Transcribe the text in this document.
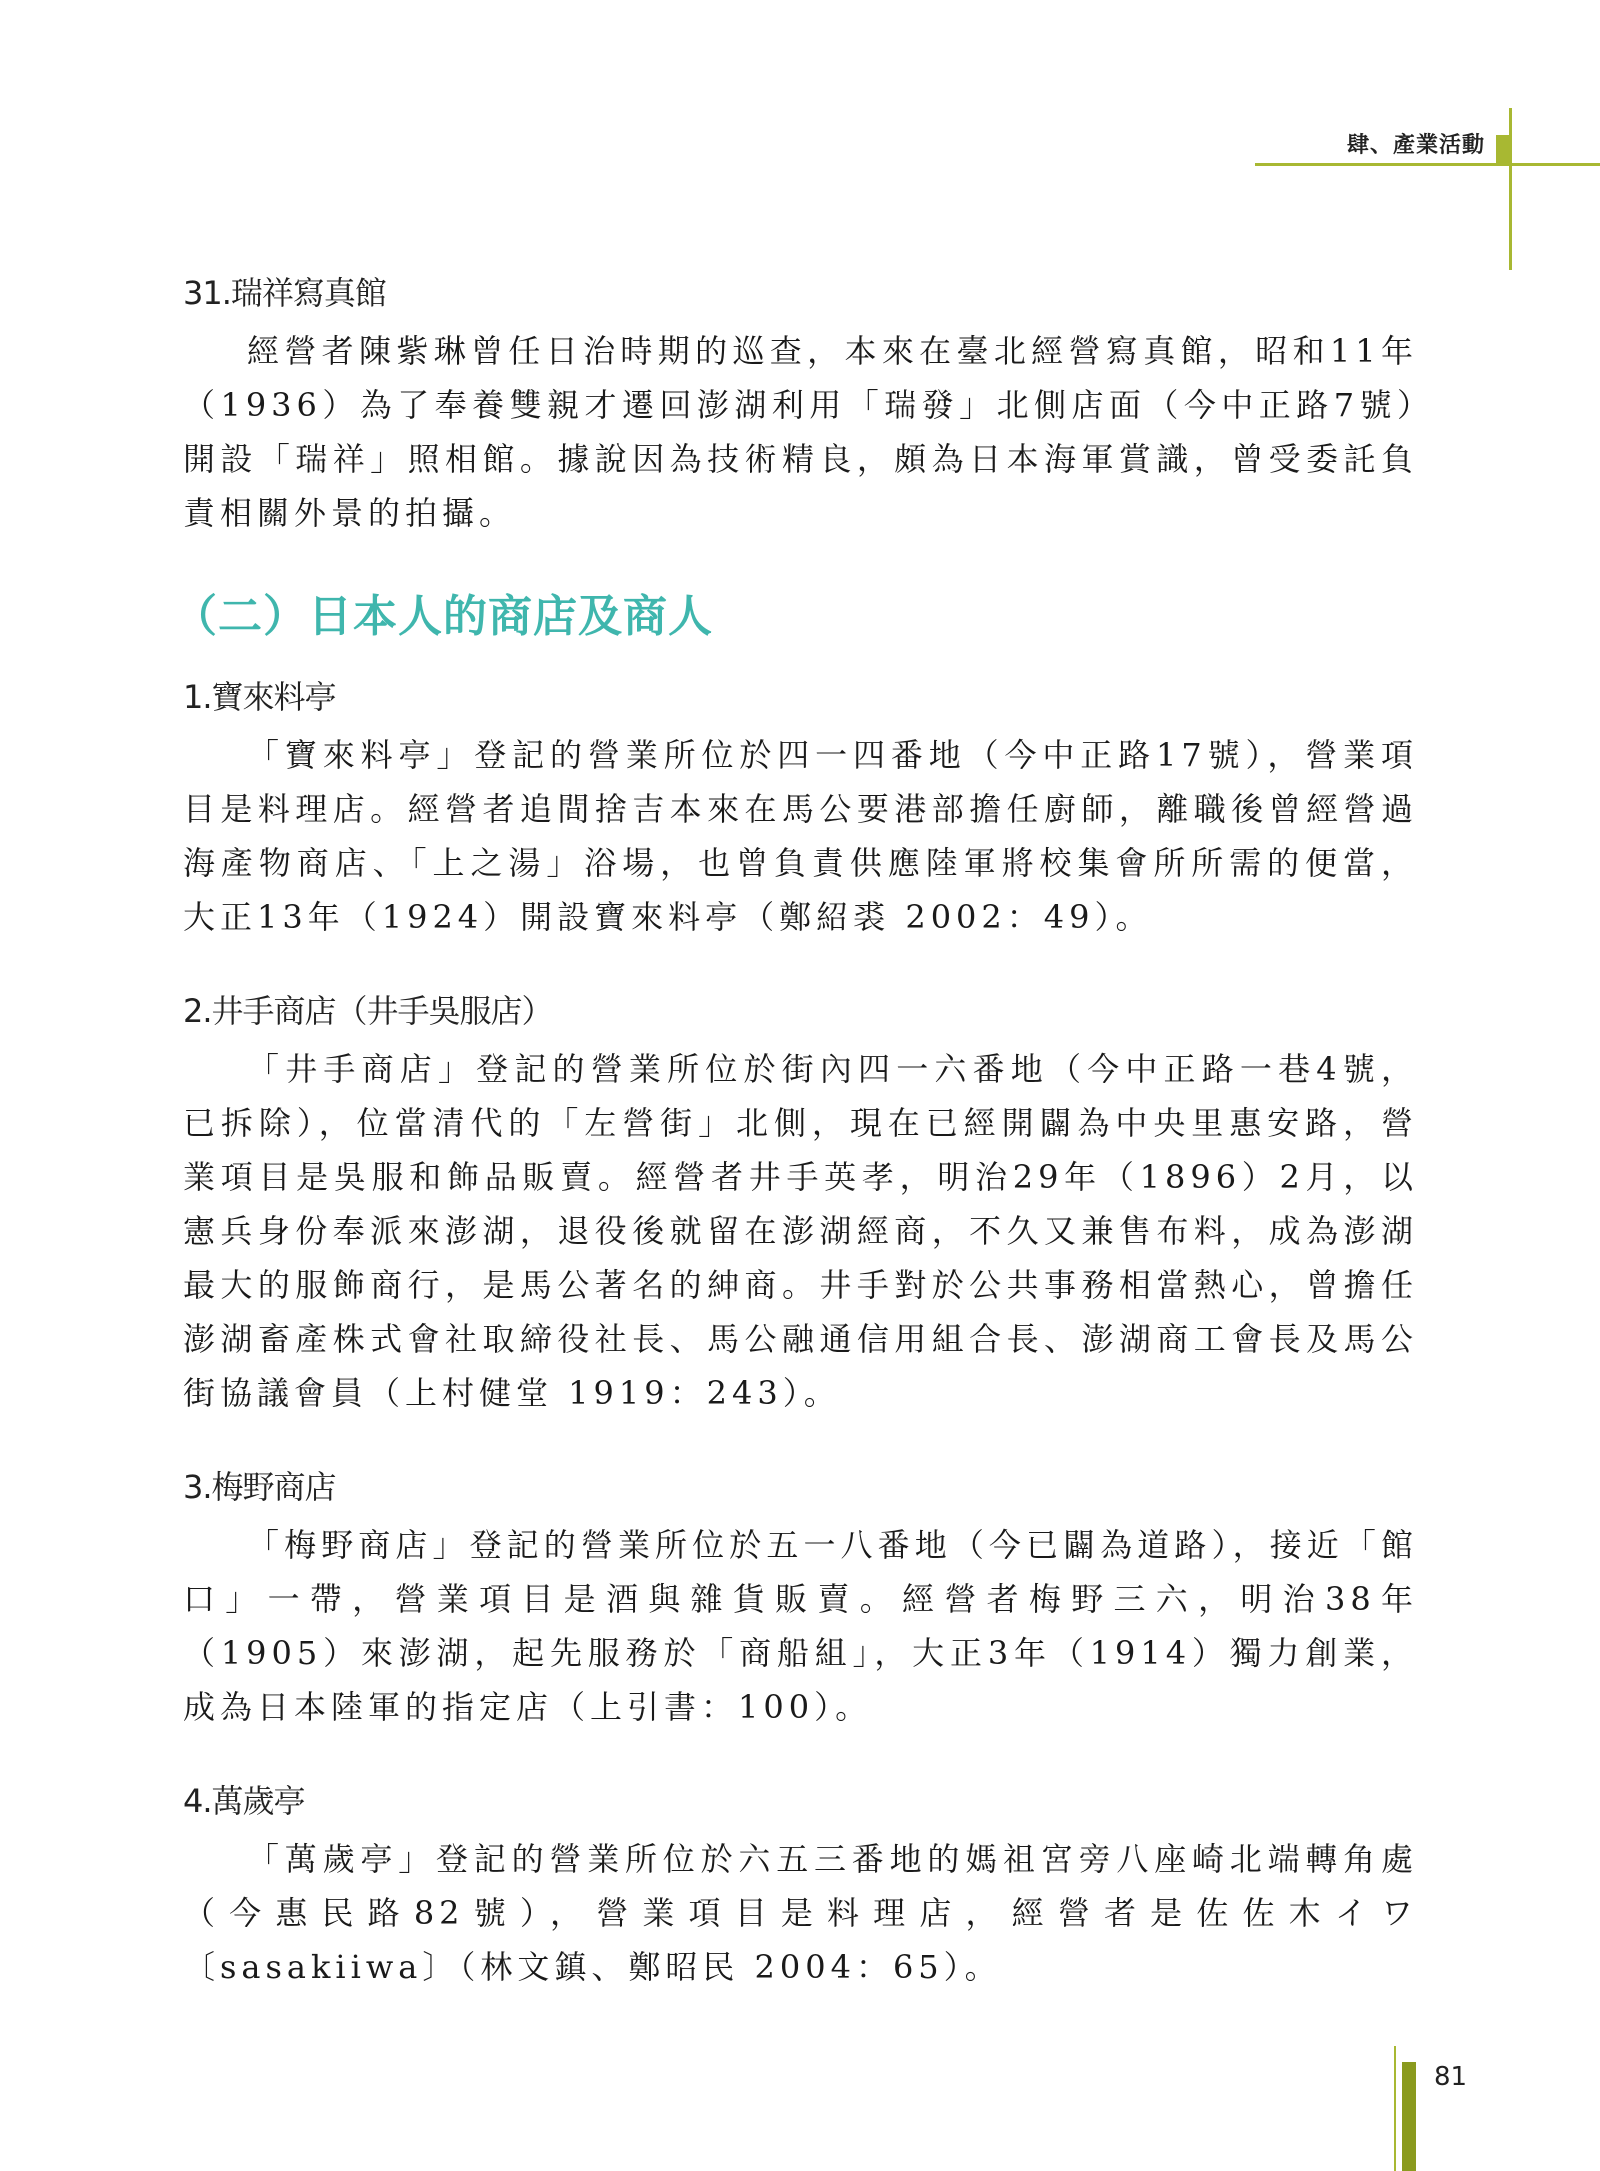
肆、產業活動
31.瑞祥寫真館

經營者陳紫琳曾任日治時期的巡查，本來在臺北經營寫真館，昭和11年（1936）為了奉養雙親才遷回澎湖利用「瑞發」北側店面（今中正路7號）開設「瑞祥」照相館。據說因為技術精良，頗為日本海軍賞識，曾受委託負責相關外景的拍攝。

（二）日本人的商店及商人
1.寶來料亭

「寶來料亭」登記的營業所位於四一四番地（今中正路17號），營業項目是料理店。經營者追間捨吉本來在馬公要港部擔任廚師，離職後曾經營過海產物商店、「上之湯」浴場，也曾負責供應陸軍將校集會所所需的便當，大正13年（1924）開設寶來料亭（鄭紹裘 2002：49）。

2.井手商店（井手吳服店）

「井手商店」登記的營業所位於街內四一六番地（今中正路一巷4號，已拆除），位當清代的「左營街」北側，現在已經開闢為中央里惠安路，營業項目是吳服和飾品販賣。經營者井手英孝，明治29年（1896）2月，以憲兵身份奉派來澎湖，退役後就留在澎湖經商，不久又兼售布料，成為澎湖最大的服飾商行，是馬公著名的紳商。井手對於公共事務相當熱心，曾擔任澎湖畜產株式會社取締役社長、馬公融通信用組合長、澎湖商工會長及馬公街協議會員（上村健堂 1919：243）。

3.梅野商店

「梅野商店」登記的營業所位於五一八番地（今已闢為道路），接近「館口」一帶，營業項目是酒與雜貨販賣。經營者梅野三六，明治38年（1905）來澎湖，起先服務於「商船組」，大正3年（1914）獨力創業，成為日本陸軍的指定店（上引書：100）。

4.萬歲亭

「萬歲亭」登記的營業所位於六五三番地的媽祖宮旁八座崎北端轉角處（今惠民路82號），營業項目是料理店，經營者是佐佐木イワ〔sasakiiwa〕（林文鎮、鄭昭民 2004：65）。

81
